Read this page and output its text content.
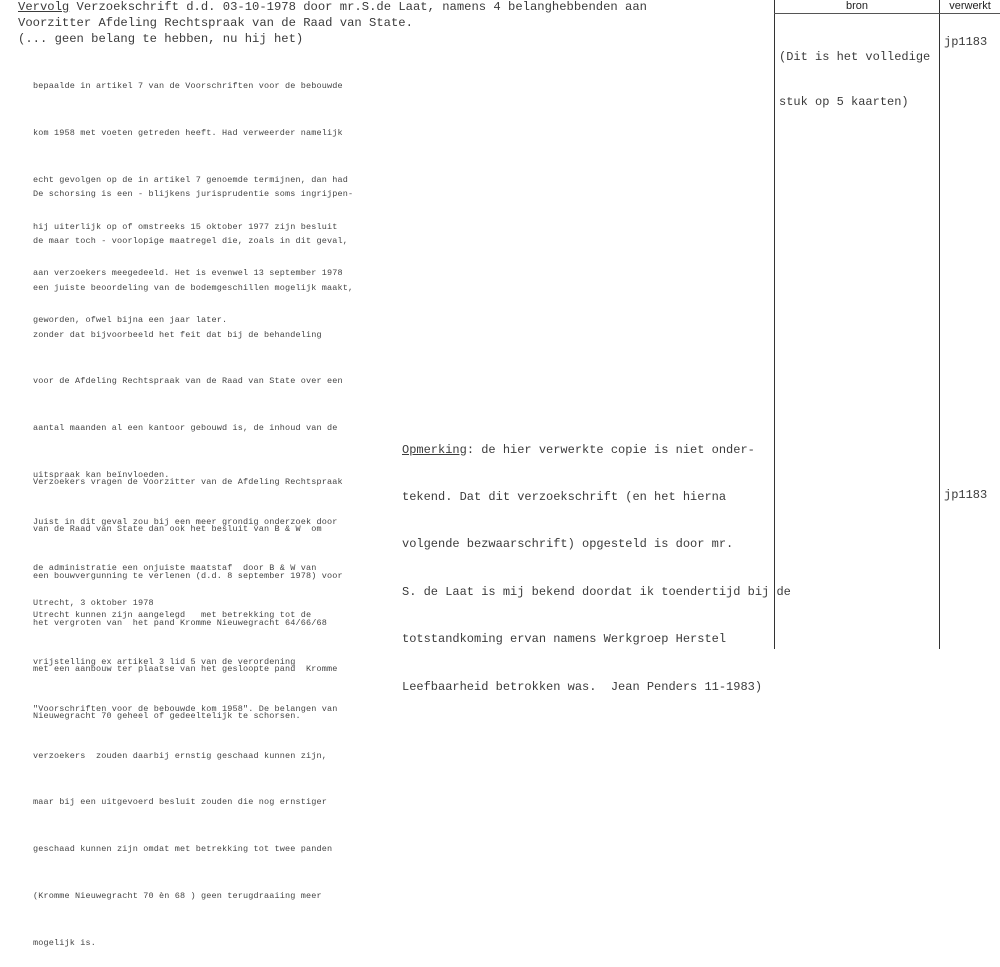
bron	verwerkt
Vervolg Verzoekschrift d.d. 03-10-1978 door mr.S.de Laat, namens 4 belanghebbenden aan
Voorzitter Afdeling Rechtspraak van de Raad van State.
(... geen belang te hebben, nu hij het)

bepaalde in artikel 7 van de Voorschriften voor de bebouwde

kom 1958 met voeten getreden heeft. Had verweerder namelijk

echt gevolgen op de in artikel 7 genoemde termijnen, dan had

hij uiterlijk op of omstreeks 15 oktober 1977 zijn besluit

aan verzoekers meegedeeld. Het is evenwel 13 september 1978

geworden, ofwel bijna een jaar later.

De schorsing is een - blijkens jurisprudentie soms ingrijpen-

de maar toch - voorlopige maatregel die, zoals in dit geval,

een juiste beoordeling van de bodemgeschillen mogelijk maakt,

zonder dat bijvoorbeeld het feit dat bij de behandeling

voor de Afdeling Rechtspraak van de Raad van State over een

aantal maanden al een kantoor gebouwd is, de inhoud van de

uitspraak kan beïnvloeden.

Juist in dit geval zou bij een meer grondig onderzoek door

de administratie een onjuiste maatstaf  door B & W van

Utrecht kunnen zijn aangelegd   met betrekking tot de

vrijstelling ex artikel 3 lid 5 van de verordening

"Voorschriften voor de bebouwde kom 1958". De belangen van

verzoekers  zouden daarbij ernstig geschaad kunnen zijn,

maar bij een uitgevoerd besluit zouden die nog ernstiger

geschaad kunnen zijn omdat met betrekking tot twee panden

(Kromme Nieuwegracht 70 èn 68 ) geen terugdraaiing meer

mogelijk is.

Verzoekers vragen de Voorzitter van de Afdeling Rechtspraak

van de Raad van State dan ook het besluit van B & W  om

een bouwvergunning te verlenen (d.d. 8 september 1978) voor

het vergroten van  het pand Kromme Nieuwegracht 64/66/68

met een aanbouw ter plaatse van het gesloopte pand  Kromme

Nieuwegracht 70 geheel of gedeeltelijk te schorsen.

Utrecht, 3 oktober 1978

Opmerking: de hier verwerkte copie is niet onder-

tekend. Dat dit verzoekschrift (en het hierna

volgende bezwaarschrift) opgesteld is door mr.

S. de Laat is mij bekend doordat ik toendertijd bij de

totstandkoming ervan namens Werkgroep Herstel

Leefbaarheid betrokken was.  Jean Penders 11-1983)

(Dit is het volledige

stuk op 5 kaarten)

jp1183
jp1183
